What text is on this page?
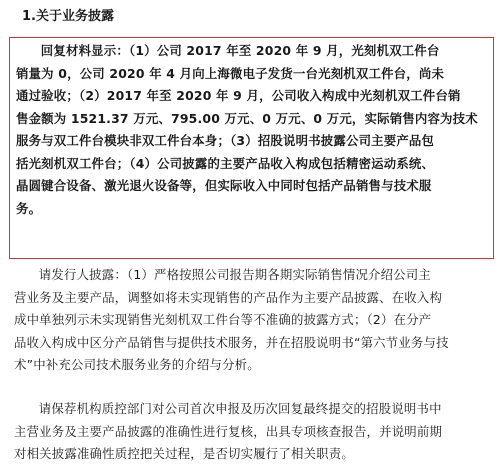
1.关于业务披露
回复材料显示：（1）公司 2017 年至 2020 年 9 月，光刻机双工件台
销量为 0，公司 2020 年 4 月向上海微电子发货一台光刻机双工件台，尚未
通过验收；（2）2017 年至 2020 年 9 月，公司收入构成中光刻机双工件台销
售金额为 1521.37 万元、795.00 万元、0 万元、0 万元，实际销售内容为技术
服务与双工件台模块非双工件台本身；（3）招股说明书披露公司主要产品包
括光刻机双工件台；（4）公司披露的主要产品收入构成包括精密运动系统、
晶圆键合设备、激光退火设备等，但实际收入中同时包括产品销售与技术服
务。
请发行人披露：（1）严格按照公司报告期各期实际销售情况介绍公司主
营业务及主要产品，调整如将未实现销售的产品作为主要产品披露、在收入构
成中单独列示未实现销售光刻机双工件台等不准确的披露方式；（2）在分产
品收入构成中区分产品销售与提供技术服务，并在招股说明书“第六节业务与技
术”中补充公司技术服务业务的介绍与分析。
请保荐机构质控部门对公司首次申报及历次回复最终提交的招股说明书中
主营业务及主要产品披露的准确性进行复核，出具专项核查报告，并说明前期
对相关披露准确性质控把关过程，是否切实履行了相关职责。
